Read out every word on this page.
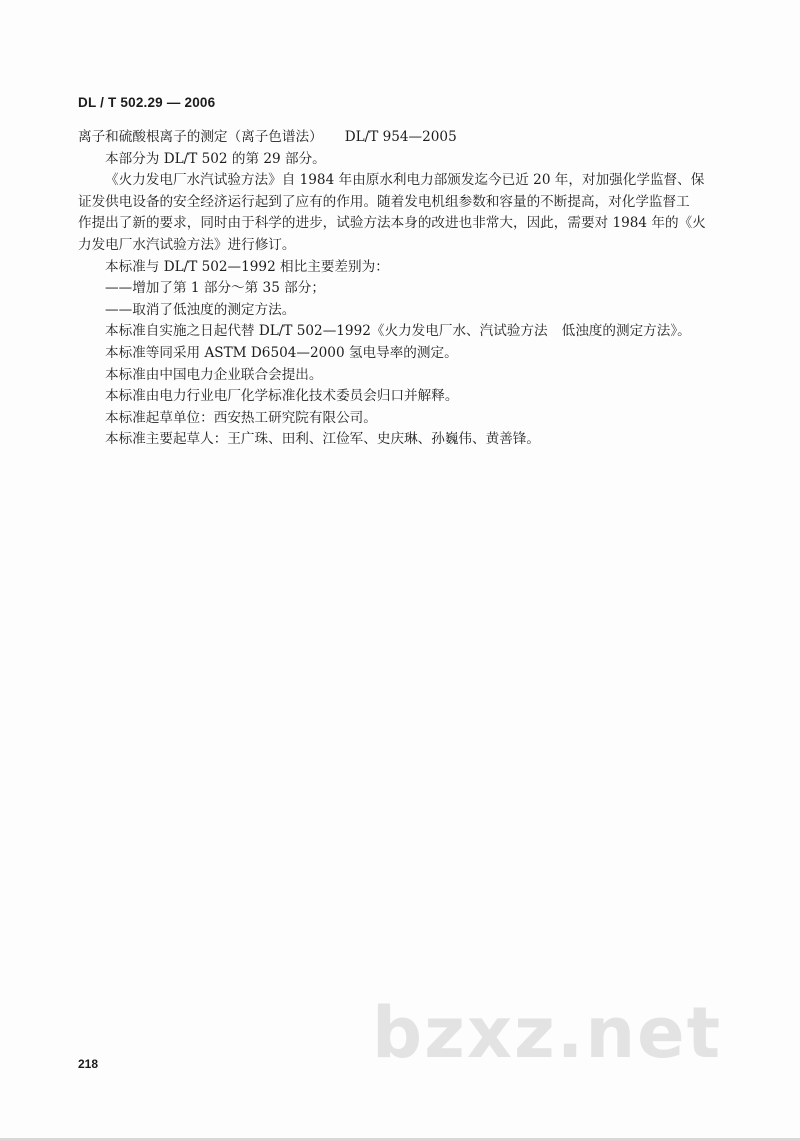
DL / T 502.29 — 2006
离子和硫酸根离子的测定（离子色谱法） DL/T 954—2005
本部分为 DL/T 502 的第 29 部分。
《火力发电厂水汽试验方法》自 1984 年由原水利电力部颁发迄今已近 20 年，对加强化学监督、保
证发供电设备的安全经济运行起到了应有的作用。随着发电机组参数和容量的不断提高，对化学监督工
作提出了新的要求，同时由于科学的进步，试验方法本身的改进也非常大，因此，需要对 1984 年的《火
力发电厂水汽试验方法》进行修订。
本标准与 DL/T 502—1992 相比主要差别为：
——增加了第 1 部分～第 35 部分；
——取消了低浊度的测定方法。
本标准自实施之日起代替 DL/T 502—1992《火力发电厂水、汽试验方法 低浊度的测定方法》。
本标准等同采用 ASTM D6504—2000 氢电导率的测定。
本标准由中国电力企业联合会提出。
本标准由电力行业电厂化学标准化技术委员会归口并解释。
本标准起草单位：西安热工研究院有限公司。
本标准主要起草人：王广珠、田利、江俭军、史庆琳、孙巍伟、黄善锋。
bzxz.net
218
